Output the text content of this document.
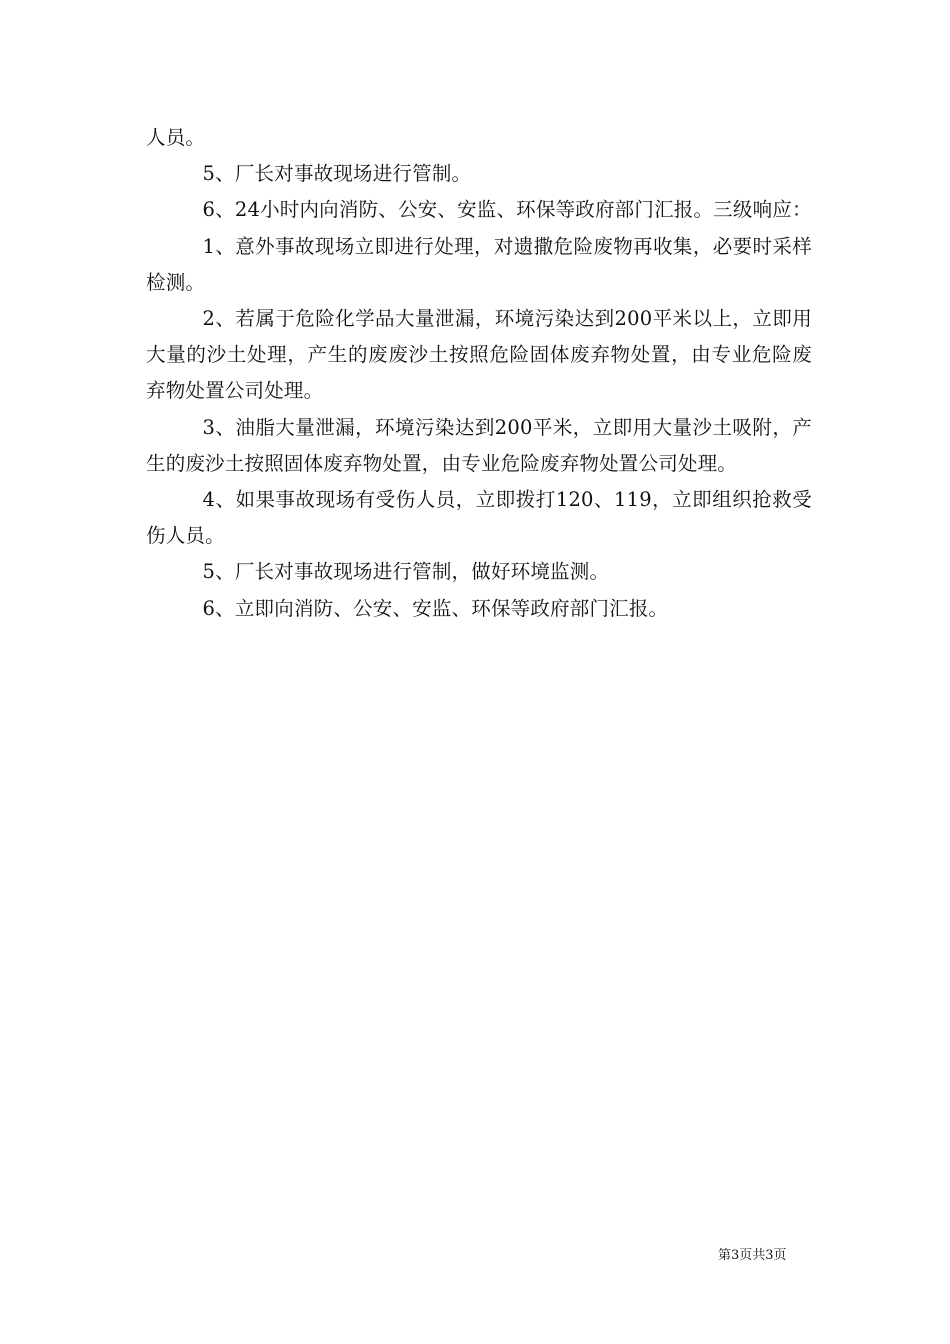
人员。

5、厂长对事故现场进行管制。

6、24小时内向消防、公安、安监、环保等政府部门汇报。三级响应：

1、意外事故现场立即进行处理，对遗撒危险废物再收集，必要时采样检测。

2、若属于危险化学品大量泄漏，环境污染达到200平米以上，立即用大量的沙土处理，产生的废废沙土按照危险固体废弃物处置，由专业危险废弃物处置公司处理。

3、油脂大量泄漏，环境污染达到200平米，立即用大量沙土吸附，产生的废沙土按照固体废弃物处置，由专业危险废弃物处置公司处理。

4、如果事故现场有受伤人员，立即拨打120、119，立即组织抢救受伤人员。

5、厂长对事故现场进行管制，做好环境监测。

6、立即向消防、公安、安监、环保等政府部门汇报。

第3页共3页
